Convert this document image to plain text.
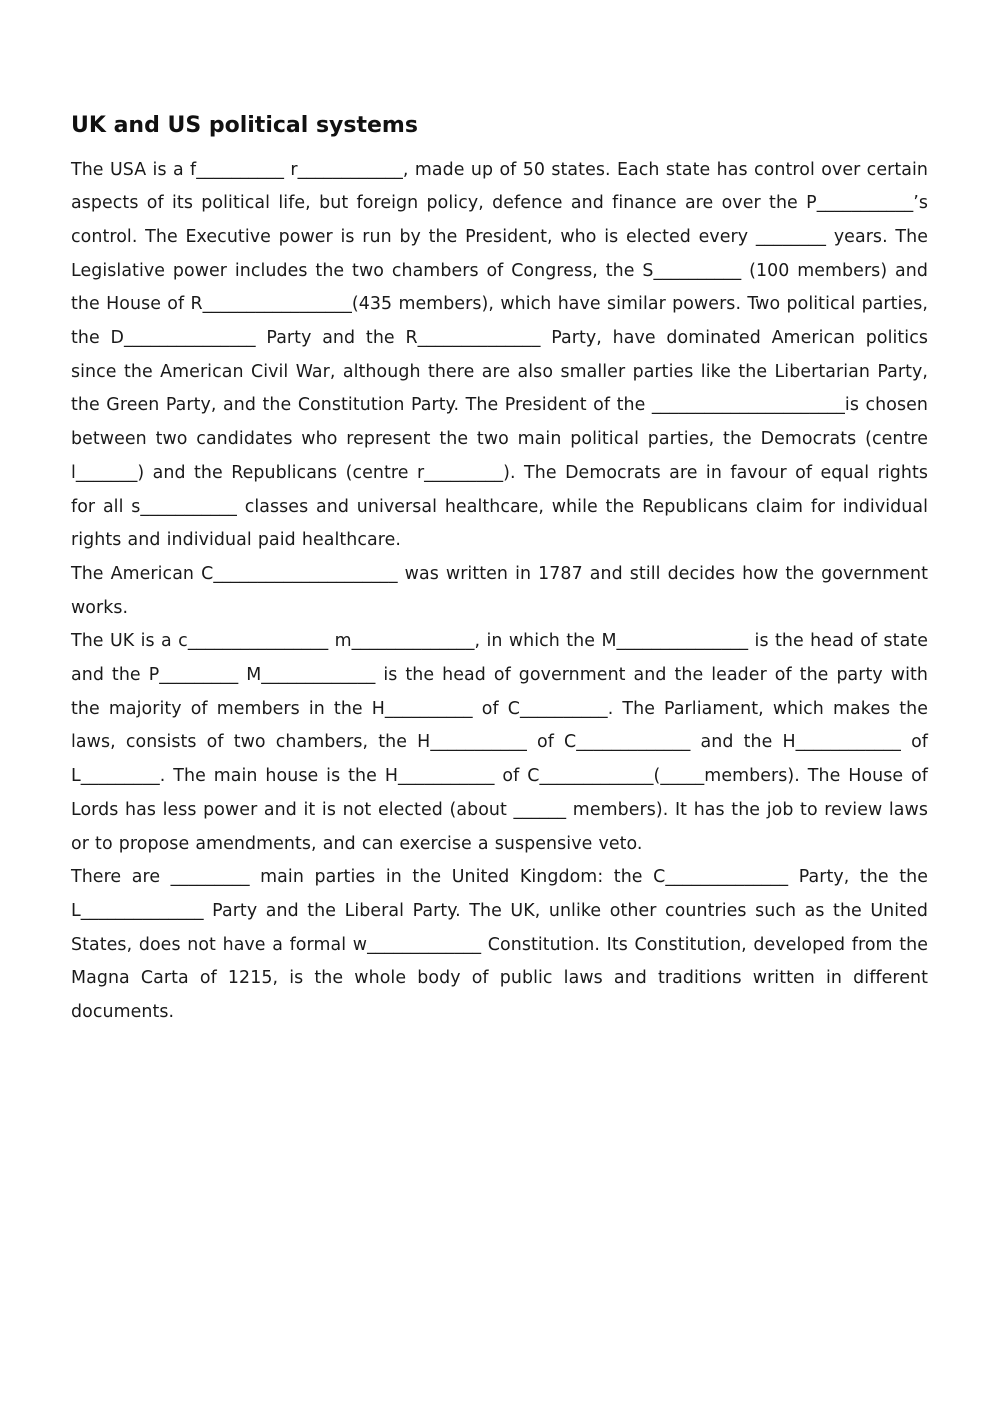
UK and US political systems

The USA is a f__________ r____________, made up of 50 states. Each state has control over certain aspects of its political life, but foreign policy, defence and finance are over the P___________’s control. The Executive power is run by the President, who is elected every ________ years. The Legislative power includes the two chambers of Congress, the S__________ (100 members) and the House of R_________________(435 members), which have similar powers. Two political parties, the D_______________ Party and the R______________ Party, have dominated American politics since the American Civil War, although there are also smaller parties like the Libertarian Party, the Green Party, and the Constitution Party. The President of the ______________________is chosen between two candidates who represent the two main political parties, the Democrats (centre l_______) and the Republicans (centre r_________). The Democrats are in favour of equal rights for all s___________ classes and universal healthcare, while the Republicans claim for individual rights and individual paid healthcare.

The American C_____________________ was written in 1787 and still decides how the government works.

The UK is a c________________ m______________, in which the M_______________ is the head of state and the P_________ M_____________ is the head of government and the leader of the party with the majority of members in the H__________ of C__________. The Parliament, which makes the laws, consists of two chambers, the H___________ of C_____________ and the H____________ of L_________. The main house is the H___________ of C_____________(_____members). The House of Lords has less power and it is not elected (about ______ members). It has the job to review laws or to propose amendments, and can exercise a suspensive veto.

There are _________ main parties in the United Kingdom: the C______________ Party, the the L______________ Party and the Liberal Party. The UK, unlike other countries such as the United States, does not have a formal w_____________ Constitution. Its Constitution, developed from the Magna Carta of 1215, is the whole body of public laws and traditions written in different documents.
